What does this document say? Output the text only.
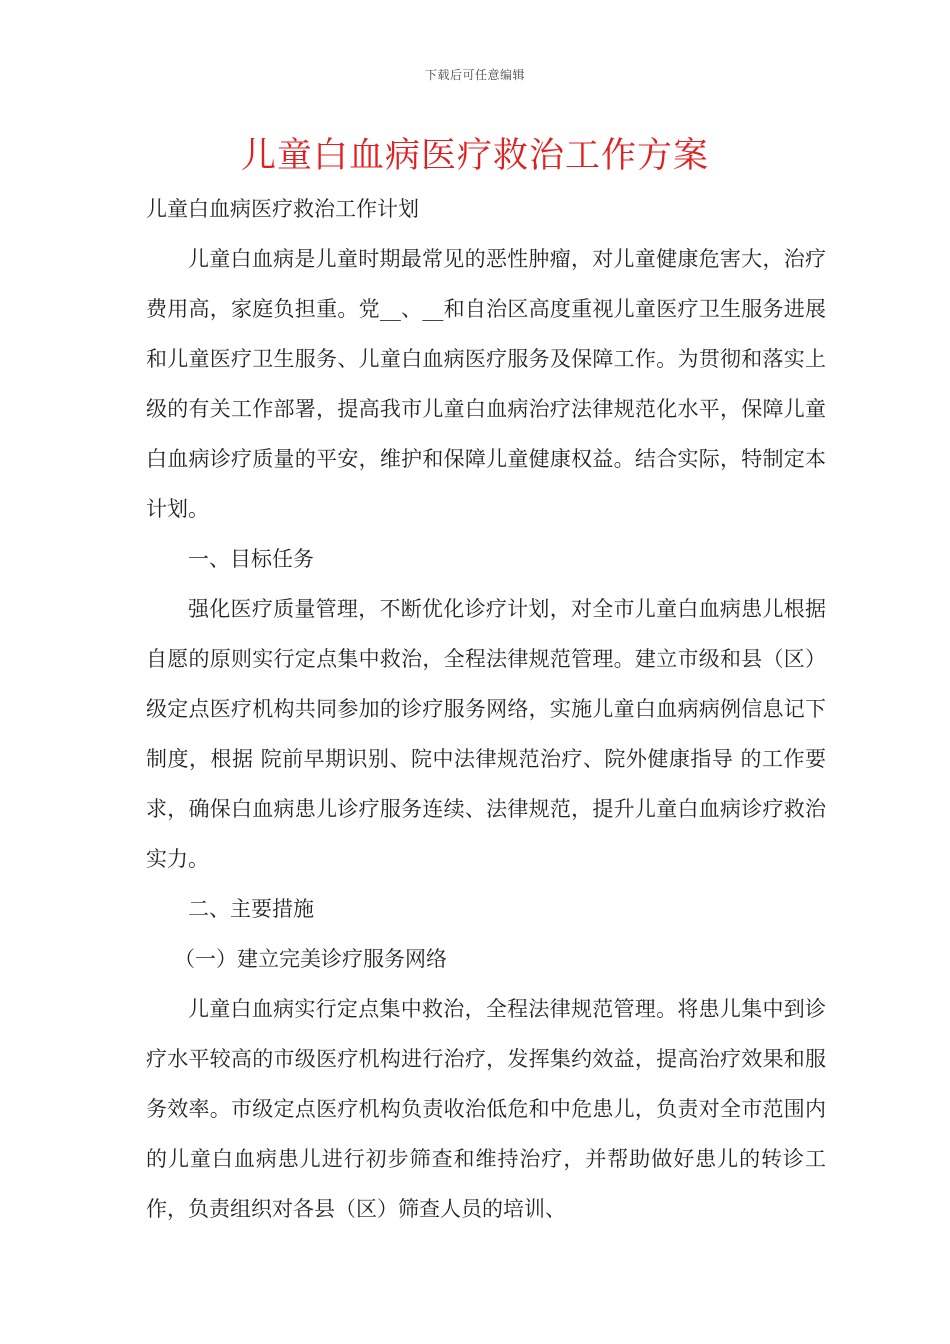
下载后可任意编辑
儿童白血病医疗救治工作方案

儿童白血病医疗救治工作计划

儿童白血病是儿童时期最常见的恶性肿瘤，对儿童健康危害大，治疗费用高，家庭负担重。党__、__和自治区高度重视儿童医疗卫生服务进展和儿童医疗卫生服务、儿童白血病医疗服务及保障工作。为贯彻和落实上级的有关工作部署，提高我市儿童白血病治疗法律规范化水平，保障儿童白血病诊疗质量的平安，维护和保障儿童健康权益。结合实际，特制定本计划。

一、目标任务

强化医疗质量管理，不断优化诊疗计划，对全市儿童白血病患儿根据自愿的原则实行定点集中救治，全程法律规范管理。建立市级和县（区）级定点医疗机构共同参加的诊疗服务网络，实施儿童白血病病例信息记下制度，根据 院前早期识别、院中法律规范治疗、院外健康指导 的工作要求，确保白血病患儿诊疗服务连续、法律规范，提升儿童白血病诊疗救治实力。

二、主要措施

（一）建立完美诊疗服务网络

儿童白血病实行定点集中救治，全程法律规范管理。将患儿集中到诊疗水平较高的市级医疗机构进行治疗，发挥集约效益，提高治疗效果和服务效率。市级定点医疗机构负责收治低危和中危患儿，负责对全市范围内的儿童白血病患儿进行初步筛查和维持治疗，并帮助做好患儿的转诊工作，负责组织对各县（区）筛查人员的培训、
